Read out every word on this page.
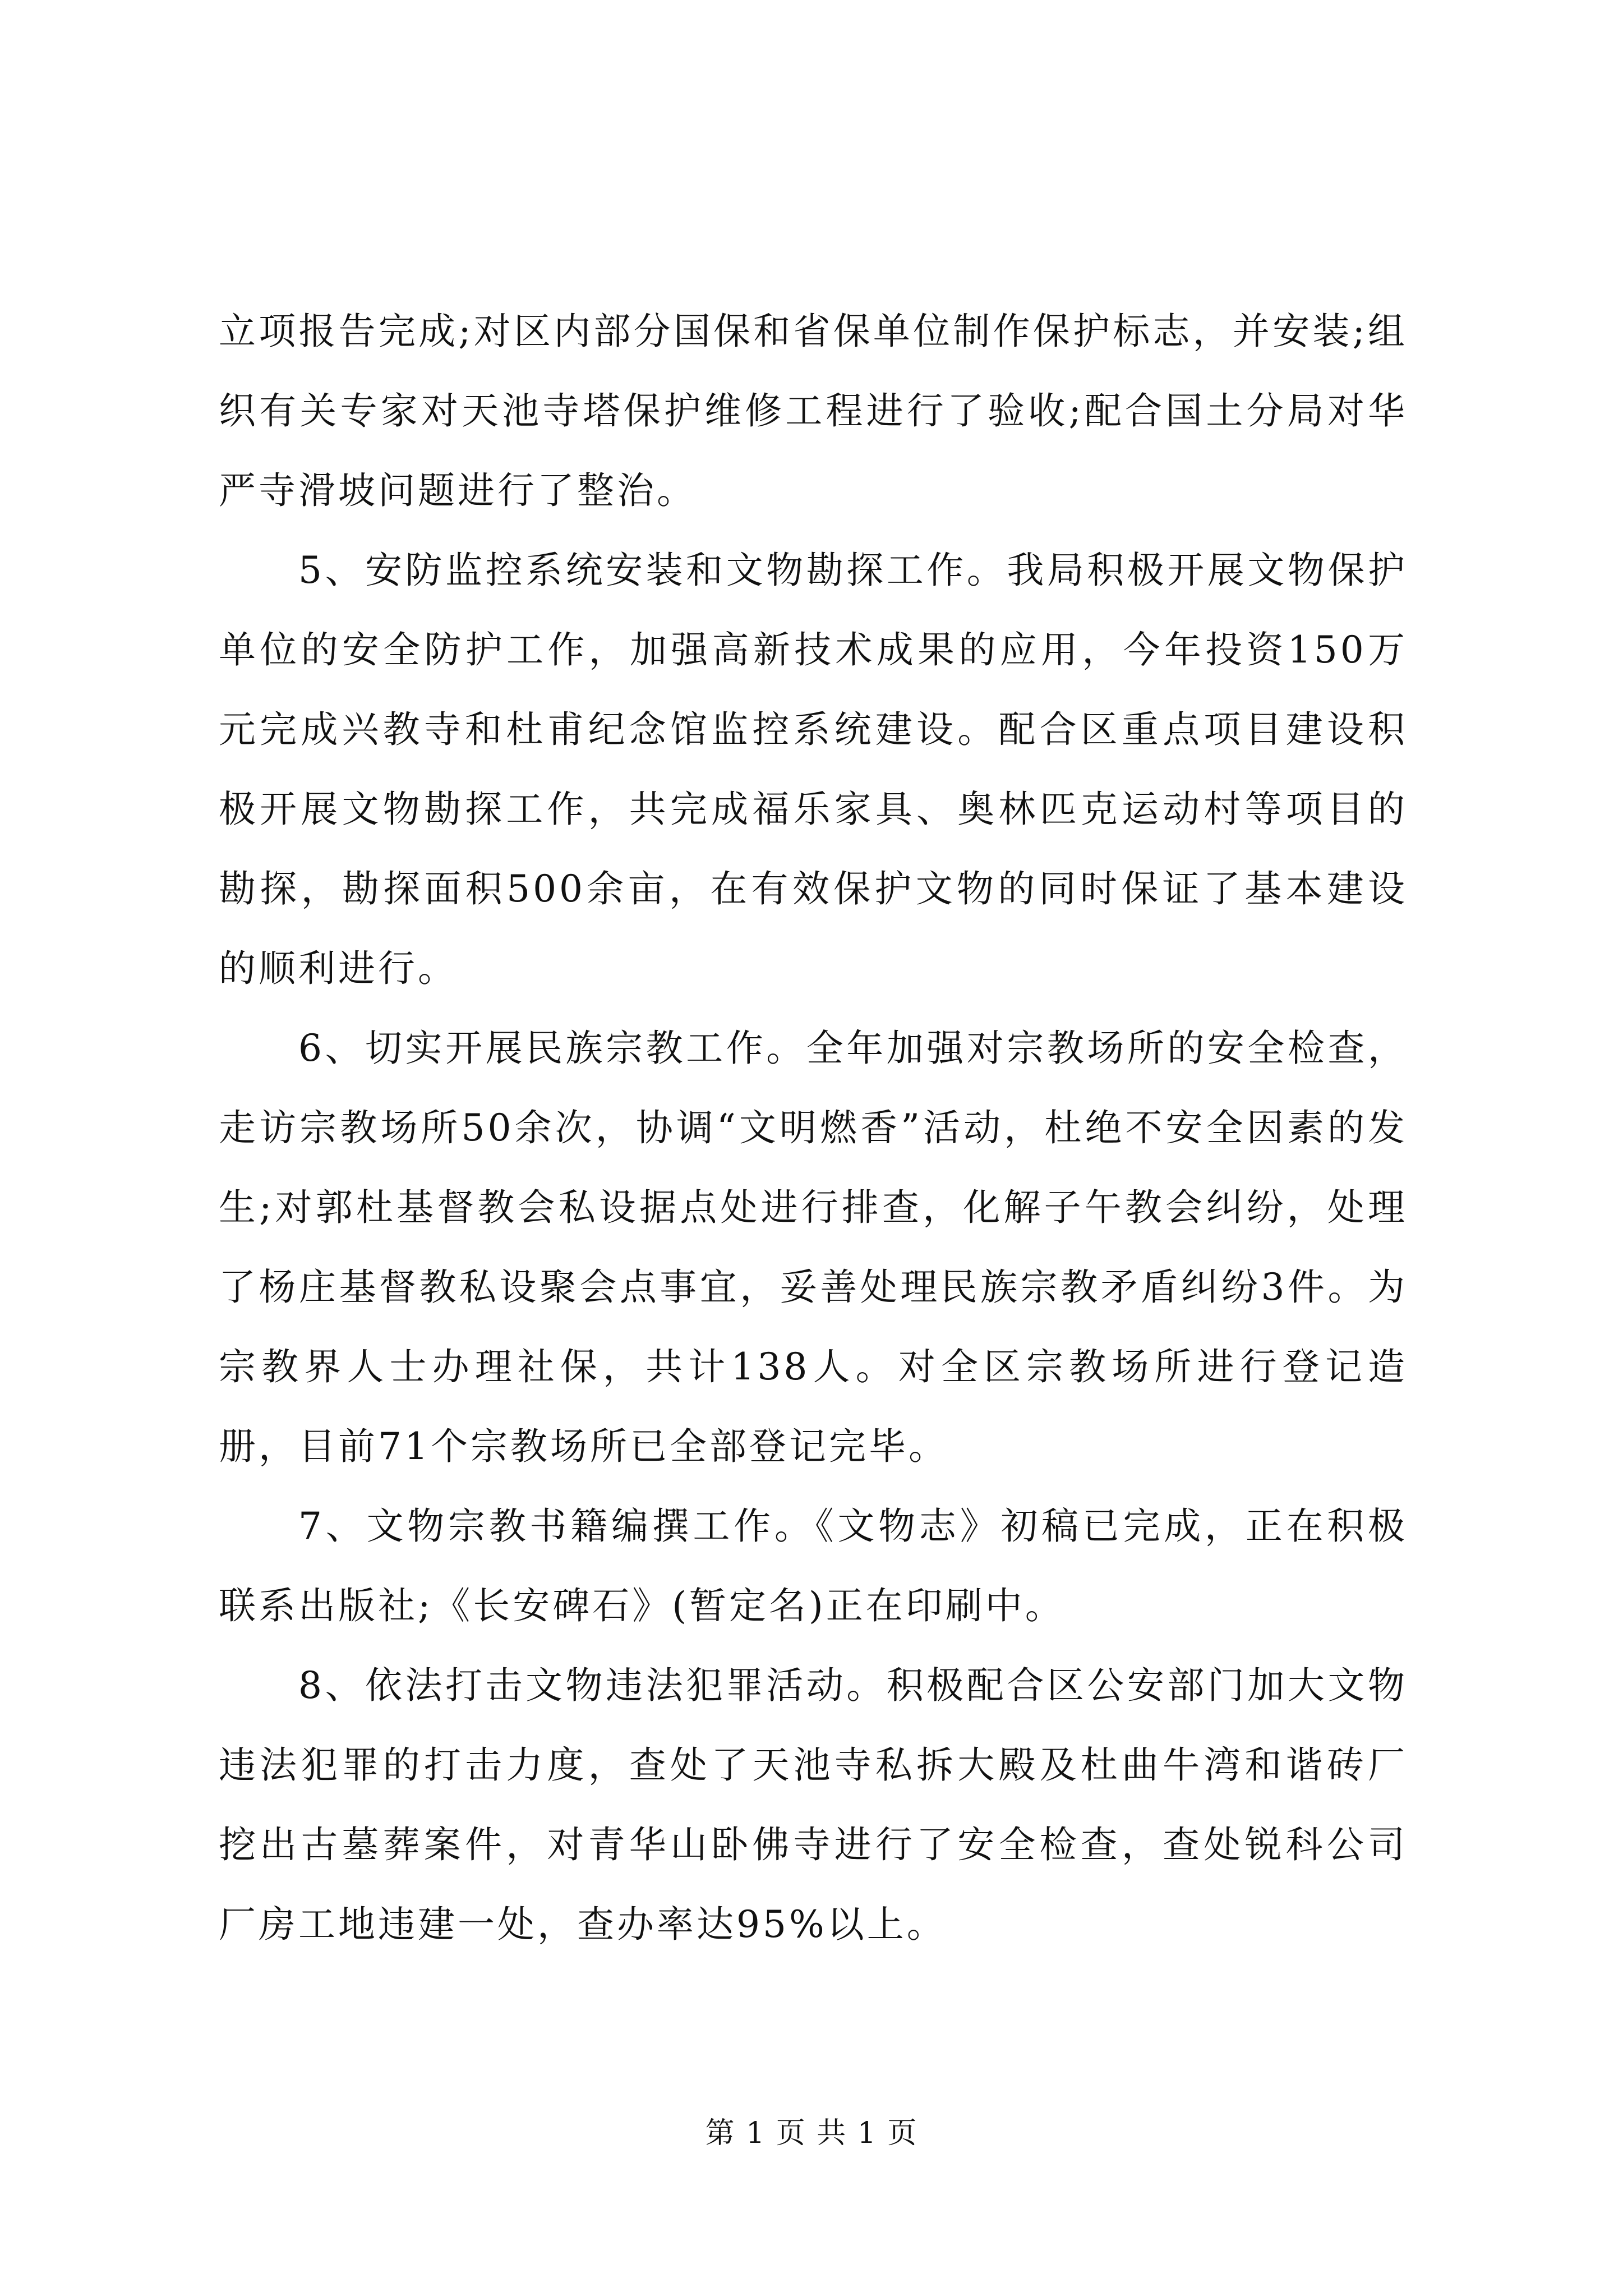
立项报告完成;对区内部分国保和省保单位制作保护标志，并安装;组织有关专家对天池寺塔保护维修工程进行了验收;配合国土分局对华严寺滑坡问题进行了整治。

5、安防监控系统安装和文物勘探工作。我局积极开展文物保护单位的安全防护工作，加强高新技术成果的应用，今年投资150万元完成兴教寺和杜甫纪念馆监控系统建设。配合区重点项目建设积极开展文物勘探工作，共完成福乐家具、奥林匹克运动村等项目的勘探，勘探面积500余亩，在有效保护文物的同时保证了基本建设的顺利进行。

6、切实开展民族宗教工作。全年加强对宗教场所的安全检查，走访宗教场所50余次，协调“文明燃香”活动，杜绝不安全因素的发生;对郭杜基督教会私设据点处进行排查，化解子午教会纠纷，处理了杨庄基督教私设聚会点事宜，妥善处理民族宗教矛盾纠纷3件。为宗教界人士办理社保，共计138人。对全区宗教场所进行登记造册，目前71个宗教场所已全部登记完毕。

7、文物宗教书籍编撰工作。《文物志》初稿已完成，正在积极联系出版社;《长安碑石》(暂定名)正在印刷中。

8、依法打击文物违法犯罪活动。积极配合区公安部门加大文物违法犯罪的打击力度，查处了天池寺私拆大殿及杜曲牛湾和谐砖厂挖出古墓葬案件，对青华山卧佛寺进行了安全检查，查处锐科公司厂房工地违建一处，查办率达95%以上。

第 1 页 共 1 页
